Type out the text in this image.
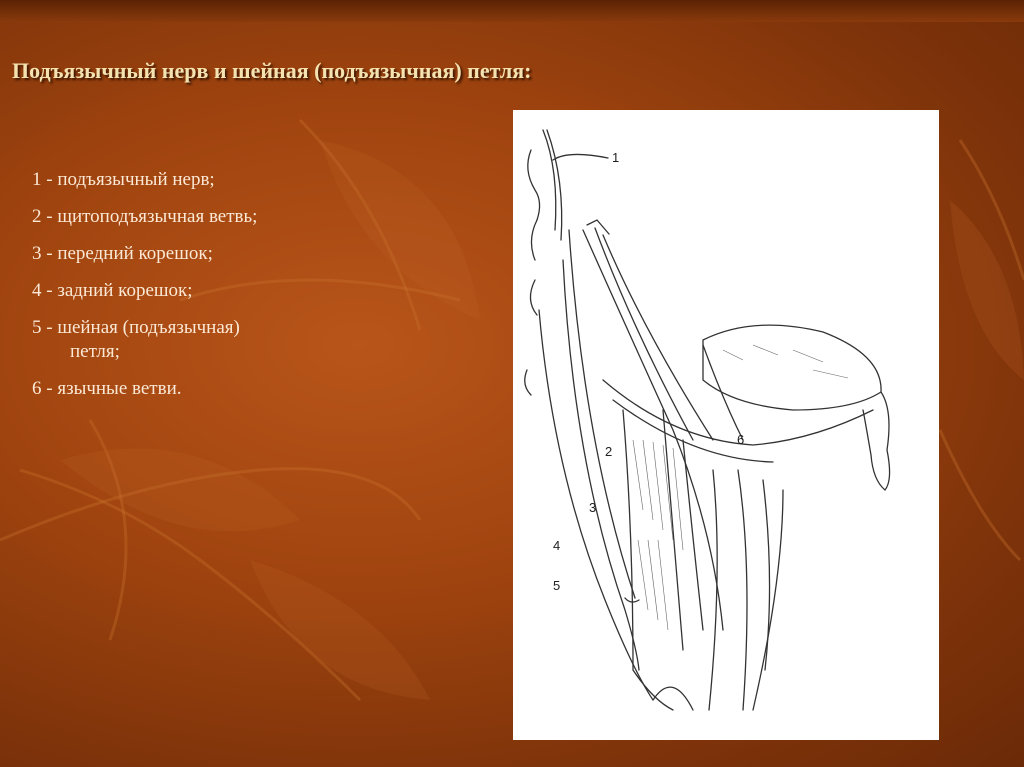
Подъязычный нерв и шейная (подъязычная) петля:
1 - подъязычный нерв;
2 - щитоподъязычная ветвь;
3 - передний корешок;
4 - задний корешок;
5 - шейная (подъязычная)
петля;
6 - язычные ветви.
1
2
3
4
5
6
